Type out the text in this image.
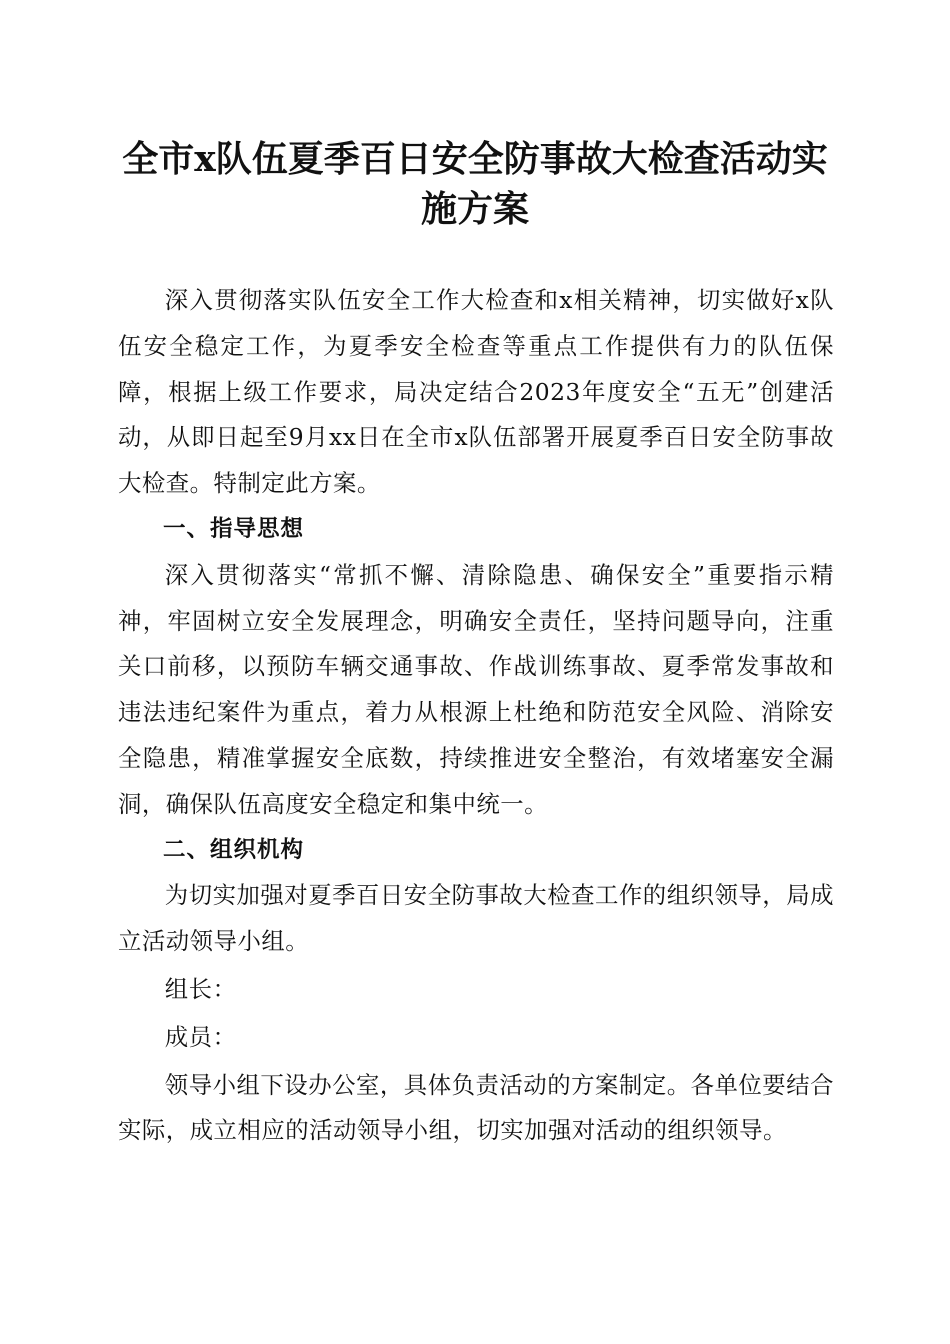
全市x队伍夏季百日安全防事故大检查活动实
施方案

深入贯彻落实队伍安全工作大检查和x相关精神，切实做好x队伍安全稳定工作，为夏季安全检查等重点工作提供有力的队伍保障，根据上级工作要求，局决定结合2023年度安全“五无”创建活动，从即日起至9月xx日在全市x队伍部署开展夏季百日安全防事故大检查。特制定此方案。

一、指导思想

深入贯彻落实“常抓不懈、清除隐患、确保安全”重要指示精神，牢固树立安全发展理念，明确安全责任，坚持问题导向，注重关口前移，以预防车辆交通事故、作战训练事故、夏季常发事故和违法违纪案件为重点，着力从根源上杜绝和防范安全风险、消除安全隐患，精准掌握安全底数，持续推进安全整治，有效堵塞安全漏洞，确保队伍高度安全稳定和集中统一。

二、组织机构

为切实加强对夏季百日安全防事故大检查工作的组织领导，局成立活动领导小组。

组长：

成员：

领导小组下设办公室，具体负责活动的方案制定。各单位要结合实际，成立相应的活动领导小组，切实加强对活动的组织领导。
